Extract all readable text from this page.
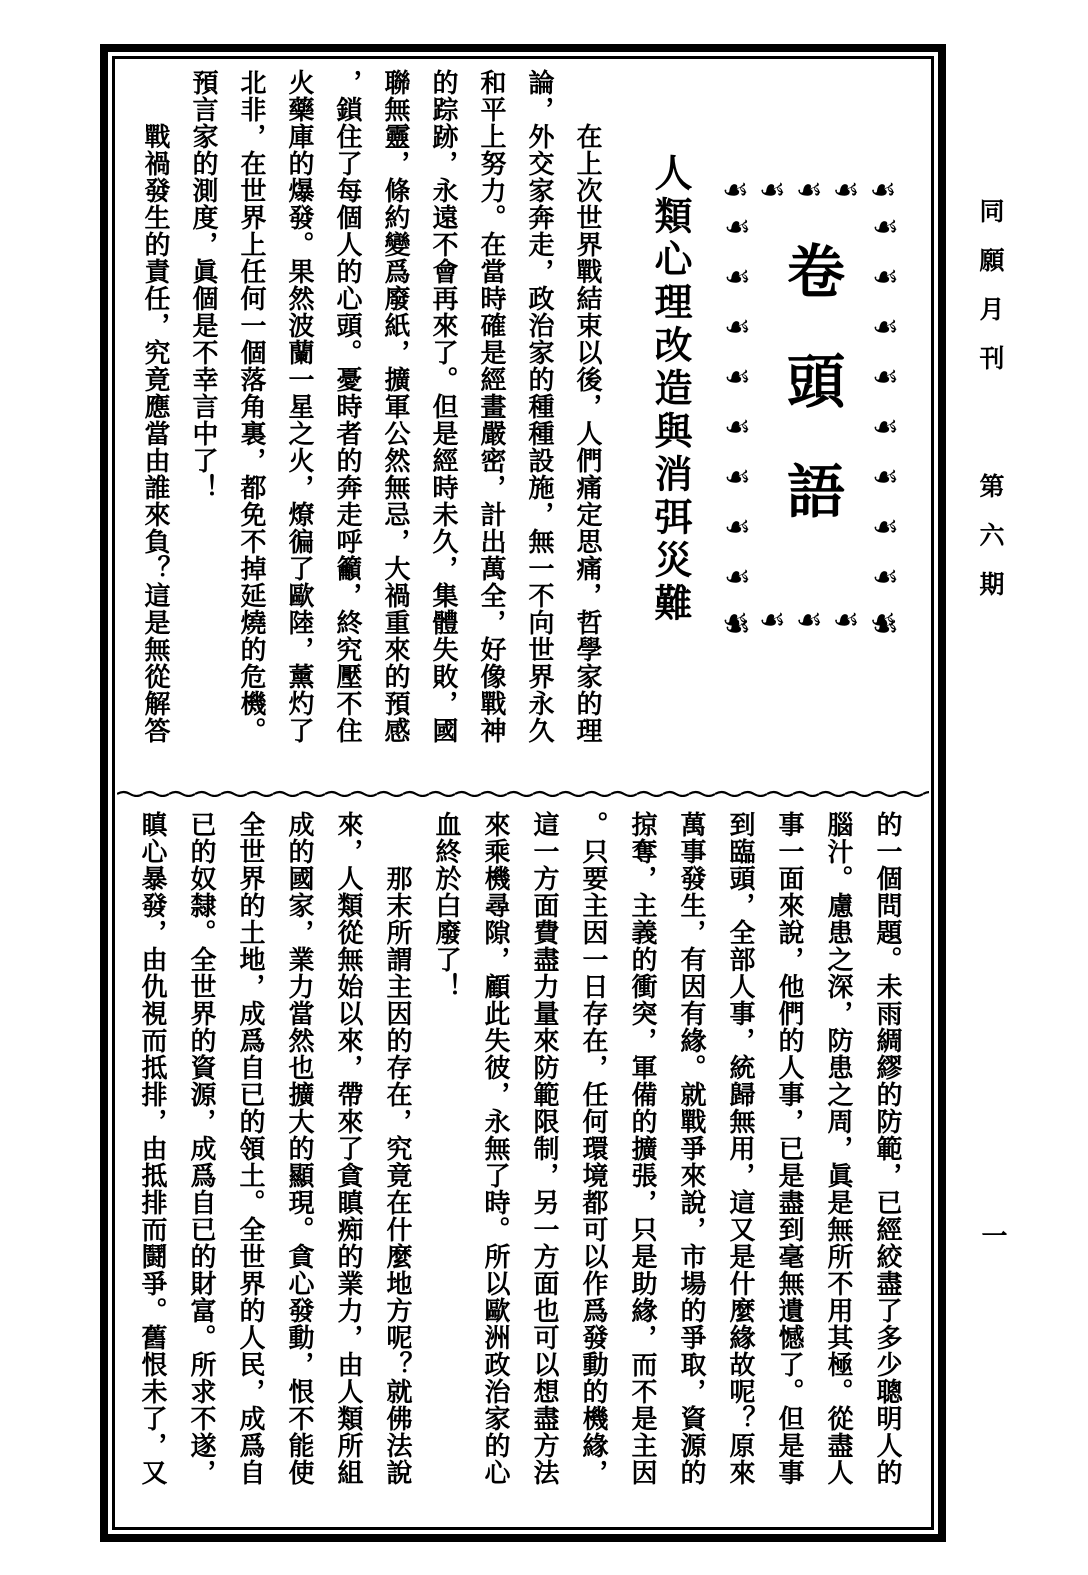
同願月刊 第六期
一
☙☙☙☙☙
☙☙☙☙☙☙☙☙☙
☙☙☙☙☙☙☙☙☙
☙☙☙☙☙
卷頭語
人類心理改造與消弭災難

　　在上次世界戰結束以後，人們痛定思痛，哲學家的理

論，外交家奔走，政治家的種種設施，無一不向世界永久

和平上努力。在當時確是經畫嚴密，計出萬全，好像戰神

的踪跡，永遠不會再來了。但是經時未久，集體失敗，國

聯無靈，條約變爲廢紙，擴軍公然無忌，大禍重來的預感

，鎖住了每個人的心頭。憂時者的奔走呼籲，終究壓不住

火藥庫的爆發。果然波蘭一星之火，燎徧了歐陸，薰灼了

北非，在世界上任何一個落角裏，都免不掉延燒的危機。

預言家的測度，眞個是不幸言中了！

　　戰禍發生的責任，究竟應當由誰來負？這是無從解答

的一個問題。未雨綢繆的防範，已經絞盡了多少聰明人的

腦汁。慮患之深，防患之周，眞是無所不用其極。從盡人

事一面來說，他們的人事，已是盡到毫無遺憾了。但是事

到臨頭，全部人事，統歸無用，這又是什麼緣故呢？原來

萬事發生，有因有緣。就戰爭來說，市場的爭取，資源的

掠奪，主義的衝突，軍備的擴張，只是助緣，而不是主因

。只要主因一日存在，任何環境都可以作爲發動的機緣，

這一方面費盡力量來防範限制，另一方面也可以想盡方法

來乘機尋隙，顧此失彼，永無了時。所以歐洲政治家的心

血終於白廢了！

　　那末所謂主因的存在，究竟在什麼地方呢？就佛法說

來，人類從無始以來，帶來了貪瞋痴的業力，由人類所組

成的國家，業力當然也擴大的顯現。貪心發動，恨不能使

全世界的土地，成爲自已的領土。全世界的人民，成爲自

已的奴隸。全世界的資源，成爲自已的財富。所求不遂，

瞋心暴發，由仇視而抵排，由抵排而鬪爭。舊恨未了，又
